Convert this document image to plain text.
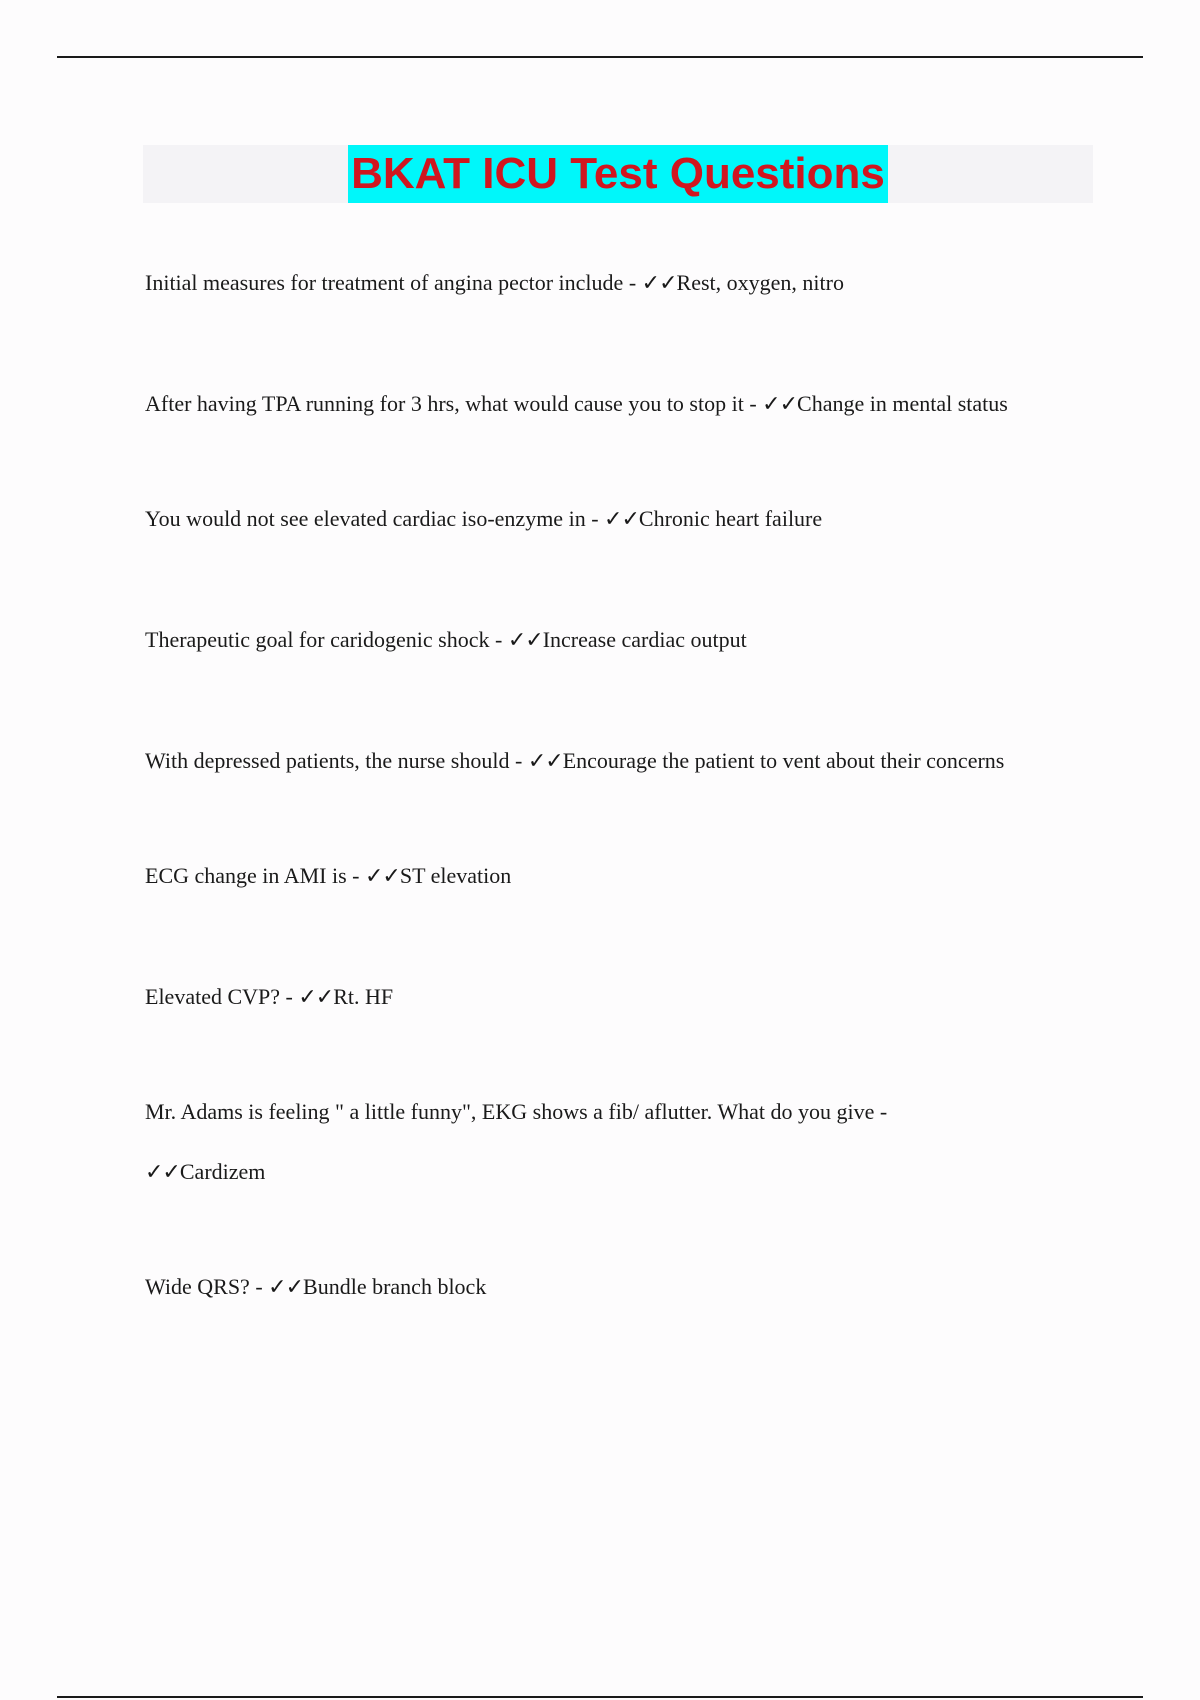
BKAT ICU Test Questions

Initial measures for treatment of angina pector include - ✓✓Rest, oxygen, nitro

After having TPA running for 3 hrs, what would cause you to stop it - ✓✓Change in mental status

You would not see elevated cardiac iso-enzyme in - ✓✓Chronic heart failure

Therapeutic goal for caridogenic shock - ✓✓Increase cardiac output

With depressed patients, the nurse should - ✓✓Encourage the patient to vent about their concerns

ECG change in AMI is - ✓✓ST elevation

Elevated CVP? - ✓✓Rt. HF

Mr. Adams is feeling " a little funny", EKG shows a fib/ aflutter. What do you give - ✓✓Cardizem

Wide QRS? - ✓✓Bundle branch block
